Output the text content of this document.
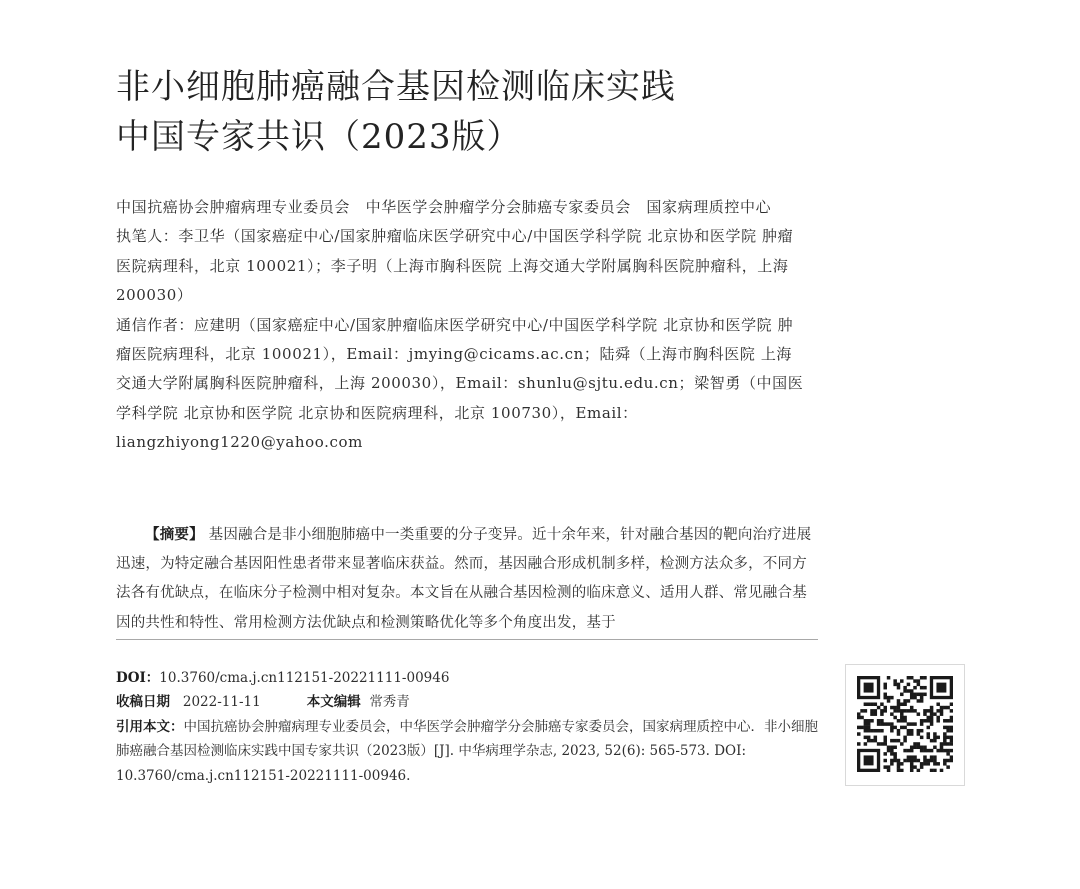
非小细胞肺癌融合基因检测临床实践
中国专家共识（2023版）

中国抗癌协会肿瘤病理专业委员会　中华医学会肿瘤学分会肺癌专家委员会　国家病理质控中心

执笔人：李卫华（国家癌症中心/国家肿瘤临床医学研究中心/中国医学科学院 北京协和医学院 肿瘤医院病理科，北京 100021）；李子明（上海市胸科医院 上海交通大学附属胸科医院肿瘤科，上海 200030）

通信作者：应建明（国家癌症中心/国家肿瘤临床医学研究中心/中国医学科学院 北京协和医学院 肿瘤医院病理科，北京 100021），Email：jmying@cicams.ac.cn；陆舜（上海市胸科医院 上海交通大学附属胸科医院肿瘤科，上海 200030），Email：shunlu@sjtu.edu.cn；梁智勇（中国医学科学院 北京协和医学院 北京协和医院病理科，北京 100730），Email：liangzhiyong1220@yahoo.com

【摘要】 基因融合是非小细胞肺癌中一类重要的分子变异。近十余年来，针对融合基因的靶向治疗进展迅速，为特定融合基因阳性患者带来显著临床获益。然而，基因融合形成机制多样，检测方法众多，不同方法各有优缺点，在临床分子检测中相对复杂。本文旨在从融合基因检测的临床意义、适用人群、常见融合基因的共性和特性、常用检测方法优缺点和检测策略优化等多个角度出发，基于

DOI：10.3760/cma.j.cn112151-20221111-00946

收稿日期 2022-11-11	本文编辑 常秀青

引用本文：中国抗癌协会肿瘤病理专业委员会，中华医学会肿瘤学分会肺癌专家委员会，国家病理质控中心．非小细胞肺癌融合基因检测临床实践中国专家共识（2023版）[J]. 中华病理学杂志, 2023, 52(6): 565-573. DOI: 10.3760/cma.j.cn112151-20221111-00946.
